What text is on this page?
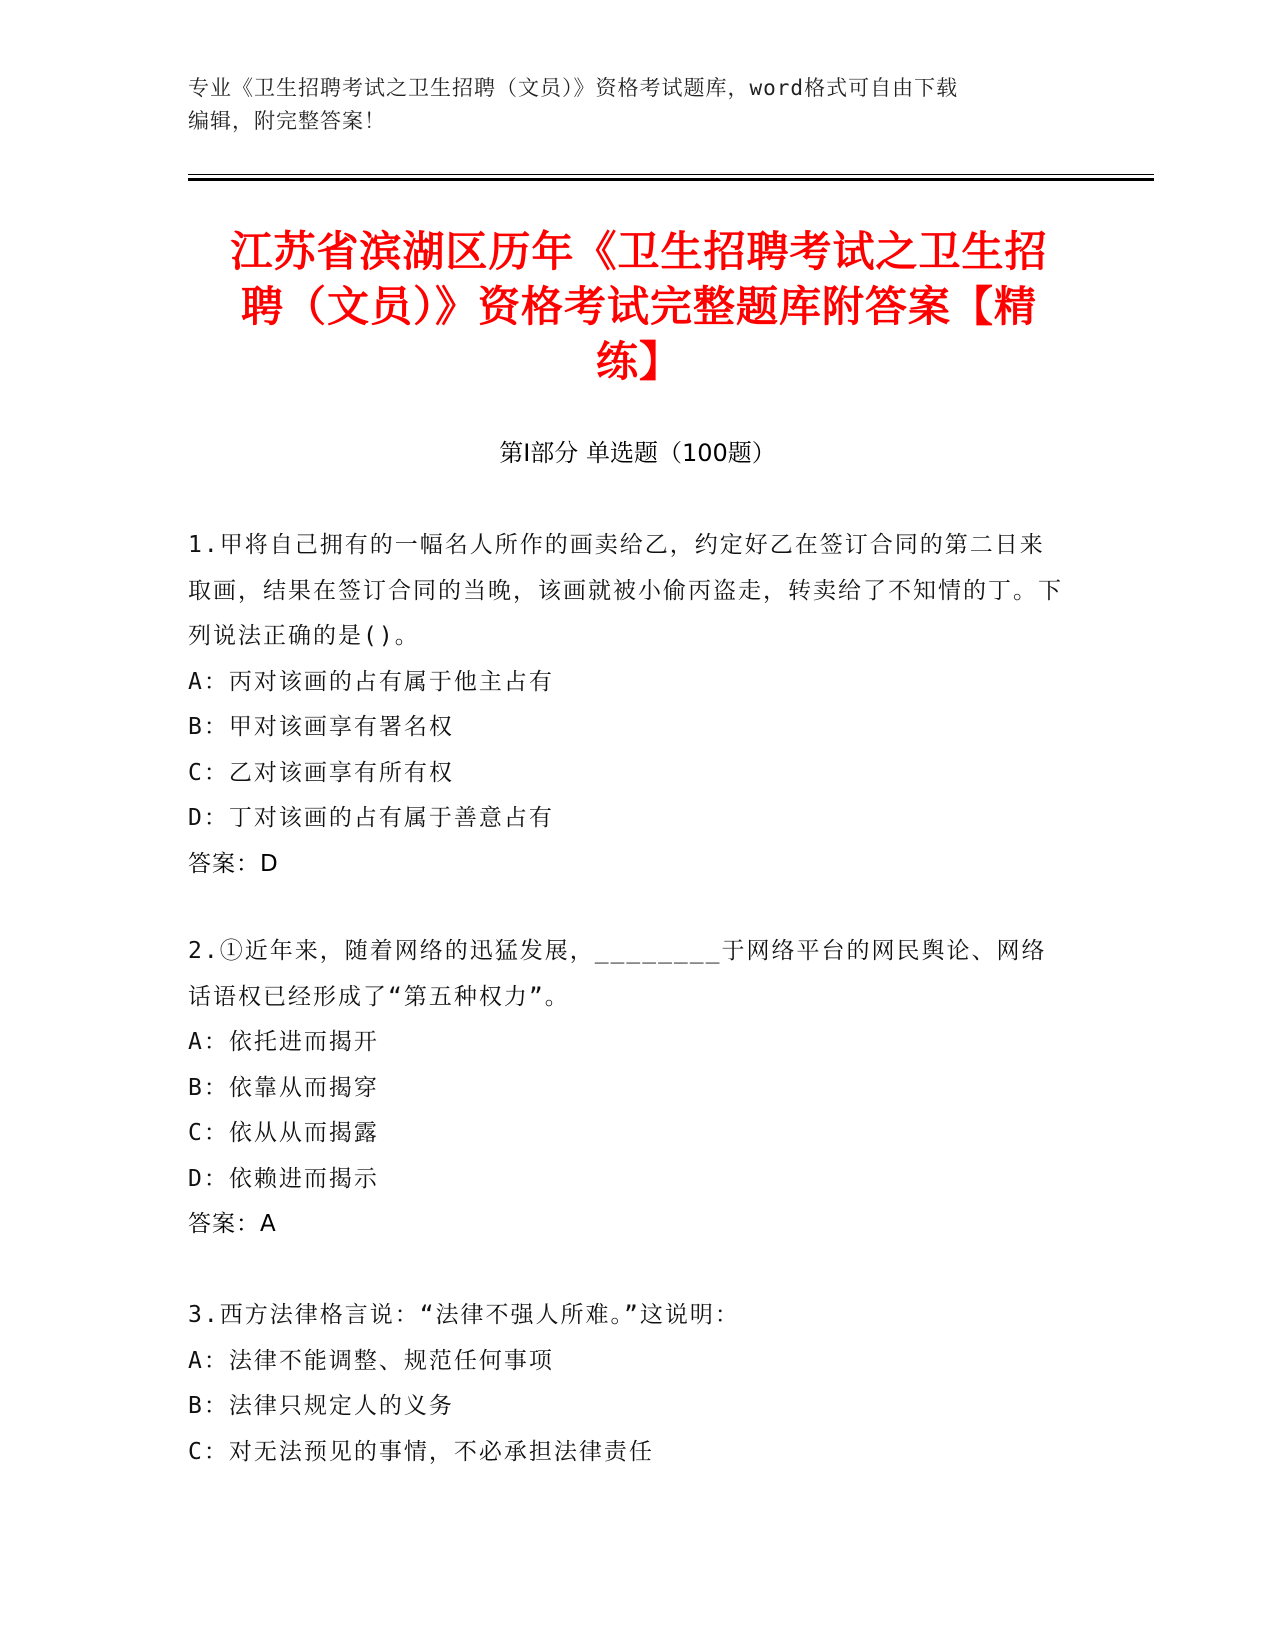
专业《卫生招聘考试之卫生招聘（文员）》资格考试题库，word格式可自由下载
编辑，附完整答案！
江苏省滨湖区历年《卫生招聘考试之卫生招
聘（文员）》资格考试完整题库附答案【精
练】
第Ⅰ部分 单选题（100题）
1.甲将自己拥有的一幅名人所作的画卖给乙，约定好乙在签订合同的第二日来取画，结果在签订合同的当晚，该画就被小偷丙盗走，转卖给了不知情的丁。下列说法正确的是()。
A：丙对该画的占有属于他主占有
B：甲对该画享有署名权
C：乙对该画享有所有权
D：丁对该画的占有属于善意占有
答案：D
2.①近年来，随着网络的迅猛发展，________于网络平台的网民舆论、网络话语权已经形成了“第五种权力”。
A：依托进而揭开
B：依靠从而揭穿
C：依从从而揭露
D：依赖进而揭示
答案：A
3.西方法律格言说：“法律不强人所难。”这说明：
A：法律不能调整、规范任何事项
B：法律只规定人的义务
C：对无法预见的事情，不必承担法律责任
